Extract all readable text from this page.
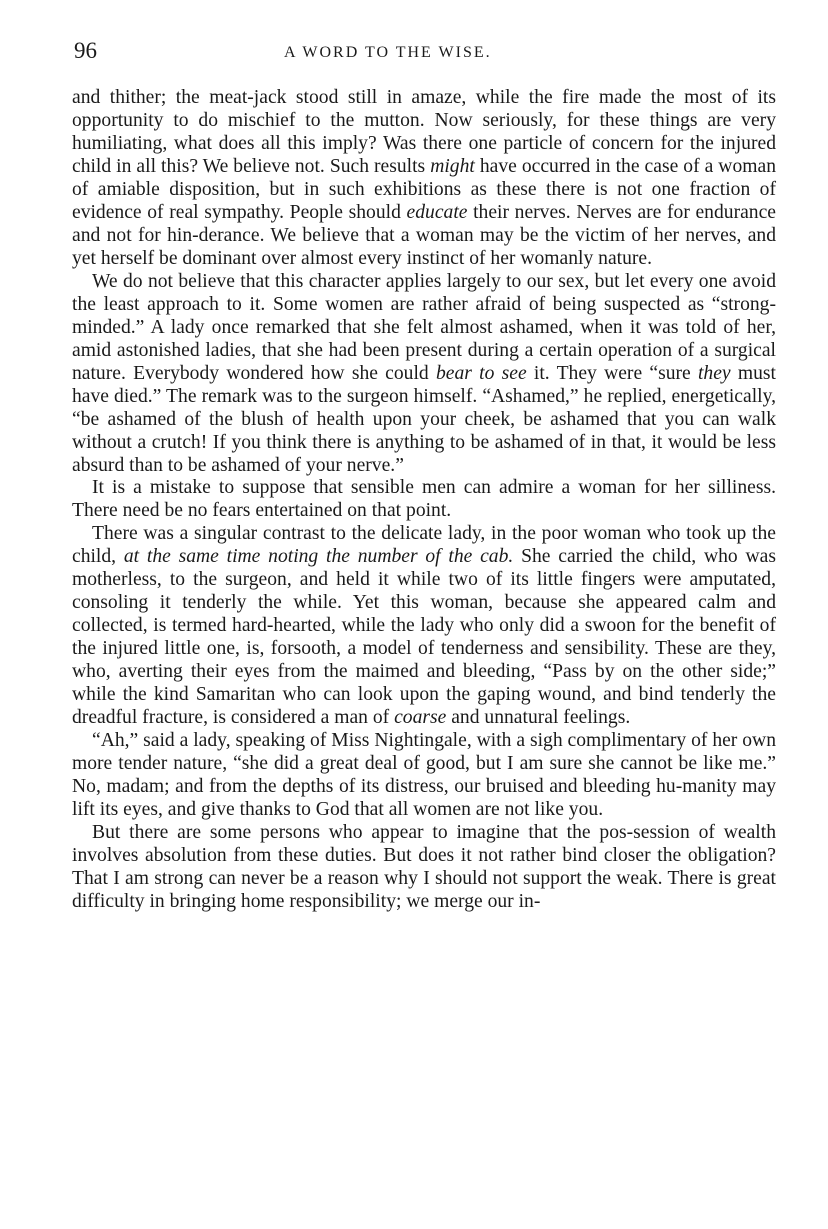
96	A WORD TO THE WISE.

and thither; the meat-jack stood still in amaze, while the fire made the most of its opportunity to do mischief to the mutton. Now seriously, for these things are very humiliating, what does all this imply? Was there one particle of concern for the injured child in all this? We believe not. Such results might have occurred in the case of a woman of amiable disposition, but in such exhibitions as these there is not one fraction of evidence of real sympathy. People should educate their nerves. Nerves are for endurance and not for hin-derance. We believe that a woman may be the victim of her nerves, and yet herself be dominant over almost every instinct of her womanly nature.

We do not believe that this character applies largely to our sex, but let every one avoid the least approach to it. Some women are rather afraid of being suspected as “strong-minded.” A lady once remarked that she felt almost ashamed, when it was told of her, amid astonished ladies, that she had been present during a certain operation of a surgical nature. Everybody wondered how she could bear to see it. They were “sure they must have died.” The remark was to the surgeon himself. “Ashamed,” he replied, energetically, “be ashamed of the blush of health upon your cheek, be ashamed that you can walk without a crutch! If you think there is anything to be ashamed of in that, it would be less absurd than to be ashamed of your nerve.”

It is a mistake to suppose that sensible men can admire a woman for her silliness. There need be no fears entertained on that point.

There was a singular contrast to the delicate lady, in the poor woman who took up the child, at the same time noting the number of the cab. She carried the child, who was motherless, to the surgeon, and held it while two of its little fingers were amputated, consoling it tenderly the while. Yet this woman, because she appeared calm and collected, is termed hard-hearted, while the lady who only did a swoon for the benefit of the injured little one, is, forsooth, a model of tenderness and sensibility. These are they, who, averting their eyes from the maimed and bleeding, “Pass by on the other side;” while the kind Samaritan who can look upon the gaping wound, and bind tenderly the dreadful fracture, is considered a man of coarse and unnatural feelings.

“Ah,” said a lady, speaking of Miss Nightingale, with a sigh complimentary of her own more tender nature, “she did a great deal of good, but I am sure she cannot be like me.” No, madam; and from the depths of its distress, our bruised and bleeding hu-manity may lift its eyes, and give thanks to God that all women are not like you.

But there are some persons who appear to imagine that the pos-session of wealth involves absolution from these duties. But does it not rather bind closer the obligation? That I am strong can never be a reason why I should not support the weak. There is great difficulty in bringing home responsibility; we merge our in-
